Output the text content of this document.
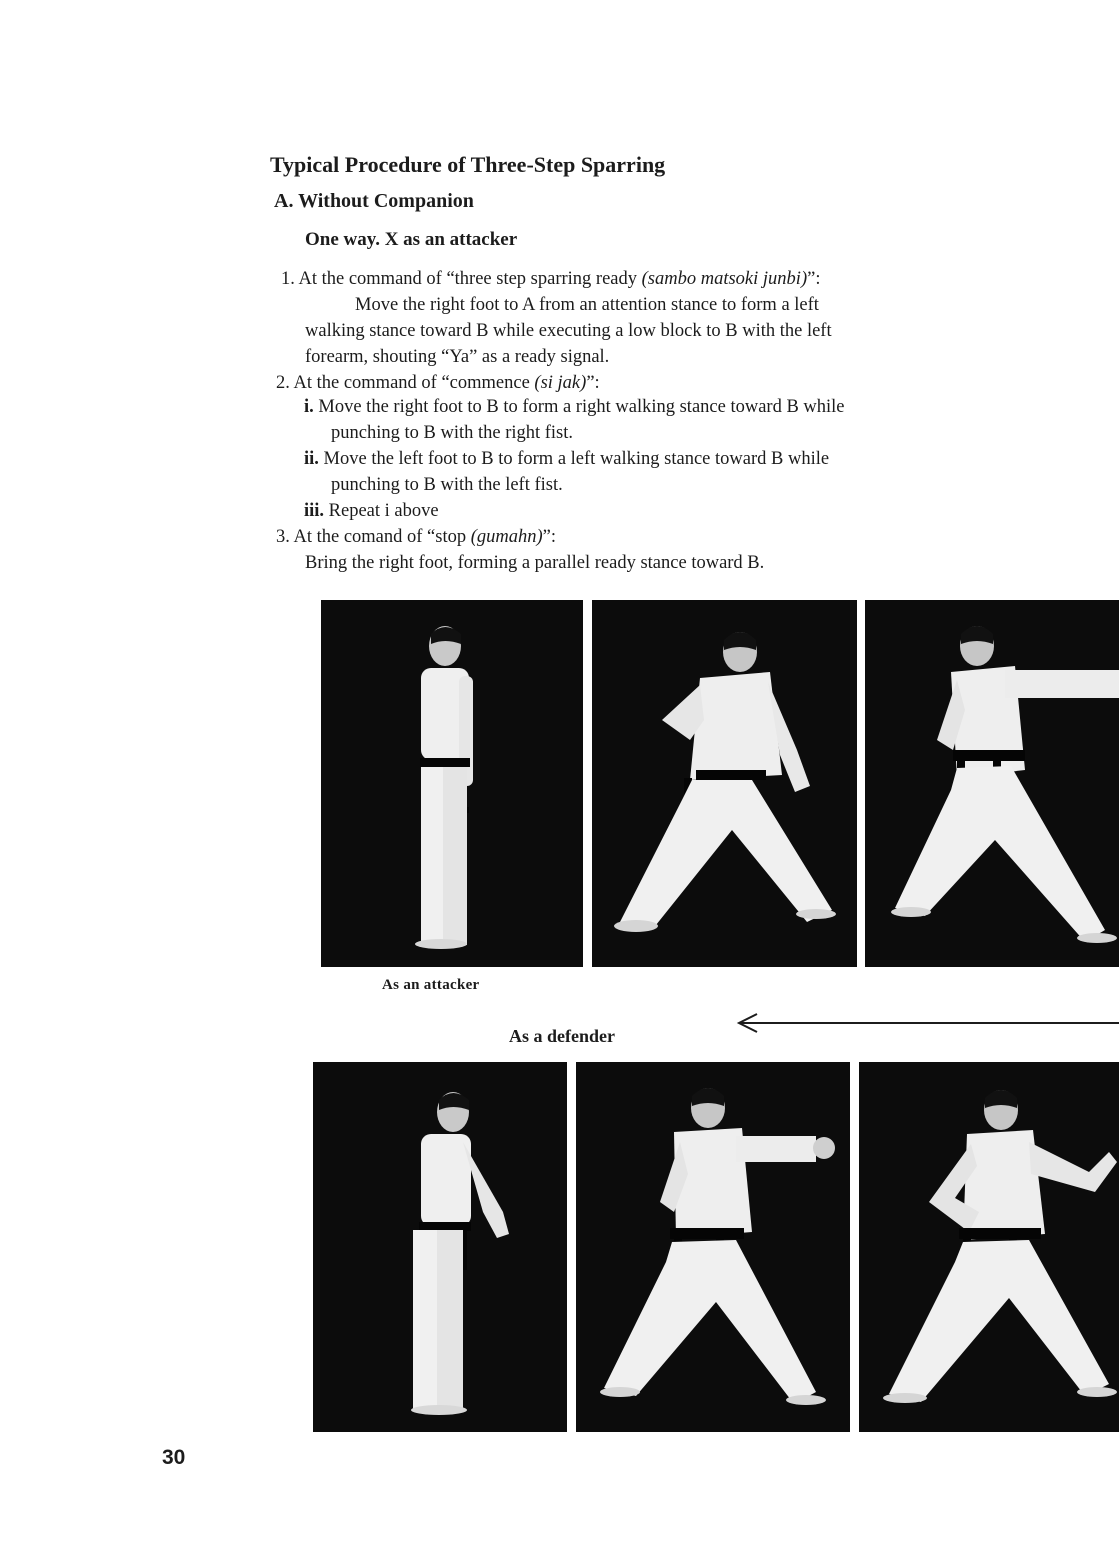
Typical Procedure of Three-Step Sparring
A. Without Companion
One way. X as an attacker
1. At the command of “three step sparring ready (sambo matsoki junbi)”:
Move the right foot to A from an attention stance to form a left
walking stance toward B while executing a low block to B with the left
forearm, shouting “Ya” as a ready signal.
2. At the command of “commence (si jak)”:
i. Move the right foot to B to form a right walking stance toward B while
punching to B with the right fist.
ii. Move the left foot to B to form a left walking stance toward B while
punching to B with the left fist.
iii. Repeat i above
3. At the comand of “stop (gumahn)”:
Bring the right foot, forming a parallel ready stance toward B.
As an attacker
As a defender
30
